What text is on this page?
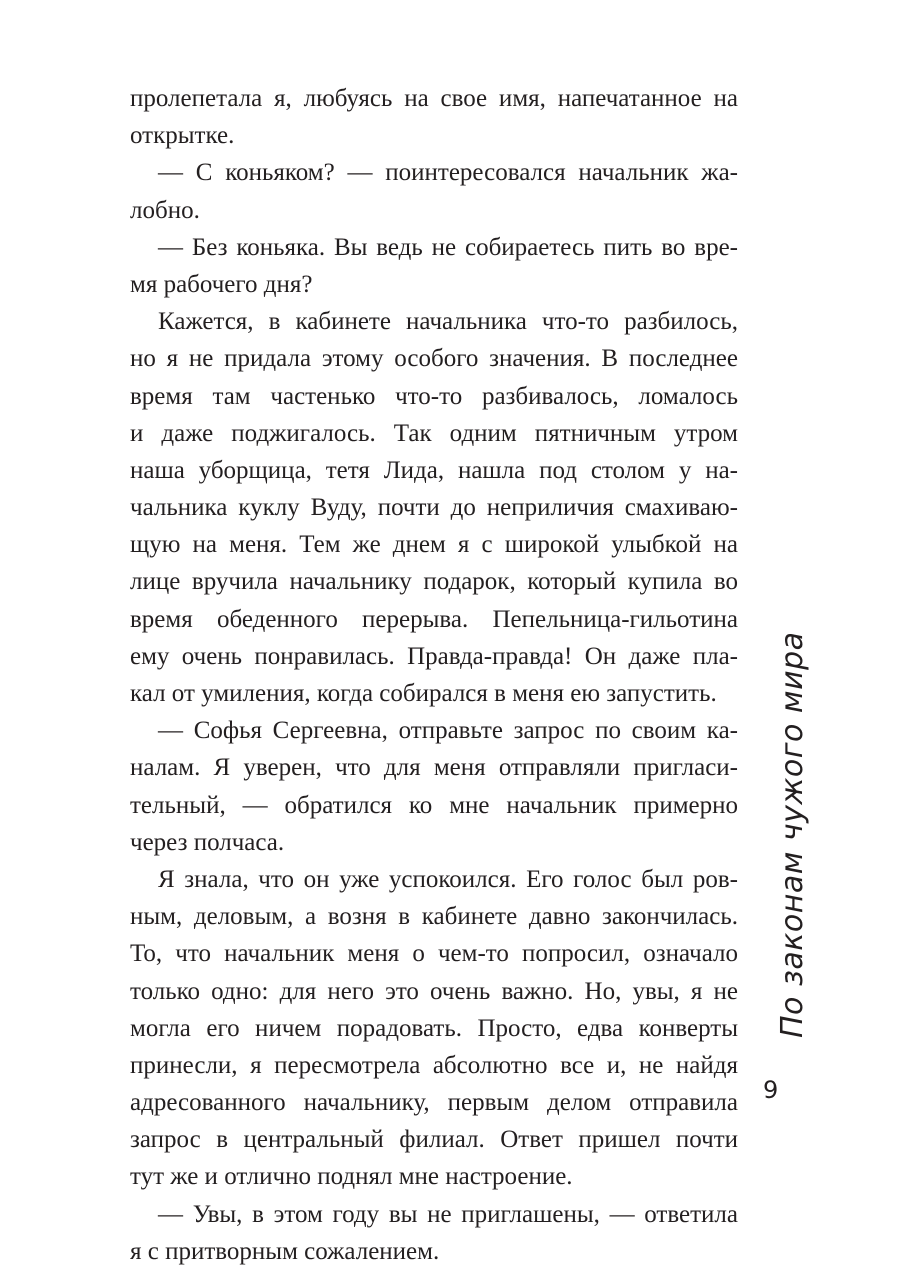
пролепетала я, любуясь на свое имя, напечатанное на
открытке.
— С коньяком? — поинтересовался начальник жа-
лобно.
— Без коньяка. Вы ведь не собираетесь пить во вре-
мя рабочего дня?
Кажется, в кабинете начальника что-то разбилось,
но я не придала этому особого значения. В последнее
время там частенько что-то разбивалось, ломалось
и даже поджигалось. Так одним пятничным утром
наша уборщица, тетя Лида, нашла под столом у на-
чальника куклу Вуду, почти до неприличия смахиваю-
щую на меня. Тем же днем я с широкой улыбкой на
лице вручила начальнику подарок, который купила во
время обеденного перерыва. Пепельница-гильотина
ему очень понравилась. Правда-правда! Он даже пла-
кал от умиления, когда собирался в меня ею запустить.
— Софья Сергеевна, отправьте запрос по своим ка-
налам. Я уверен, что для меня отправляли пригласи-
тельный, — обратился ко мне начальник примерно
через полчаса.
Я знала, что он уже успокоился. Его голос был ров-
ным, деловым, а возня в кабинете давно закончилась.
То, что начальник меня о чем-то попросил, означало
только одно: для него это очень важно. Но, увы, я не
могла его ничем порадовать. Просто, едва конверты
принесли, я пересмотрела абсолютно все и, не найдя
адресованного начальнику, первым делом отправила
запрос в центральный филиал. Ответ пришел почти
тут же и отлично поднял мне настроение.
— Увы, в этом году вы не приглашены, — ответила
я с притворным сожалением.
По законам чужого мира
9
